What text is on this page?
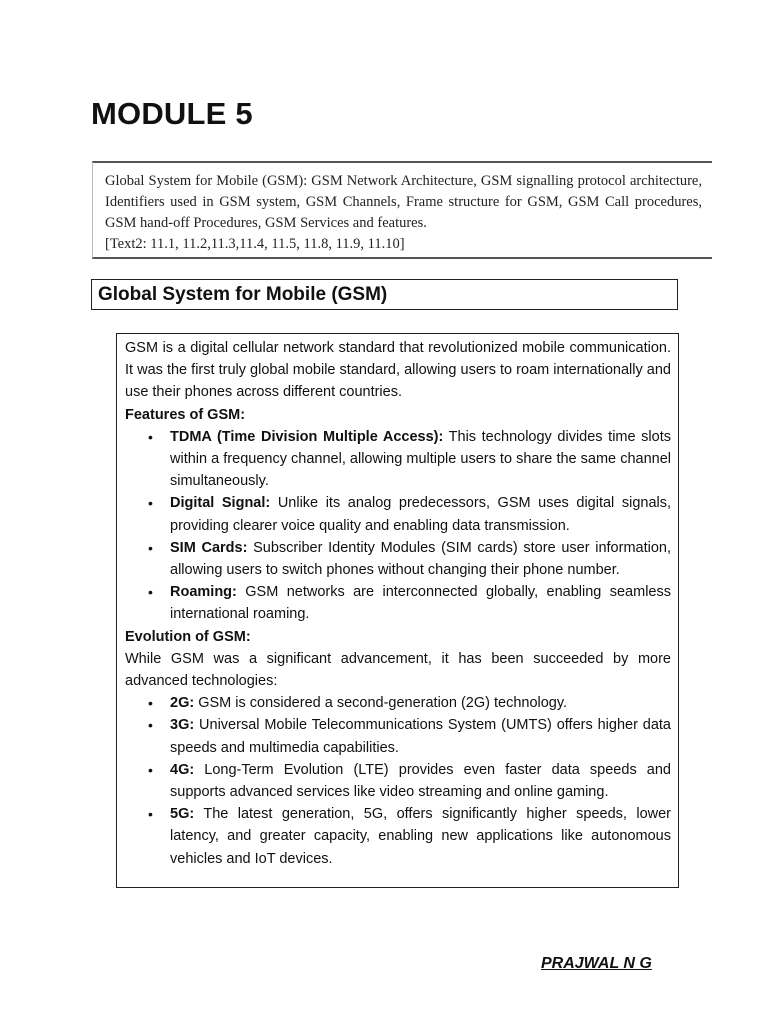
MODULE 5

Global System for Mobile (GSM): GSM Network Architecture, GSM signalling protocol architecture, Identifiers used in GSM system, GSM Channels, Frame structure for GSM, GSM Call procedures, GSM hand-off Procedures, GSM Services and features.

[Text2: 11.1, 11.2,11.3,11.4, 11.5, 11.8, 11.9, 11.10]

Global System for Mobile (GSM)

GSM is a digital cellular network standard that revolutionized mobile communication. It was the first truly global mobile standard, allowing users to roam internationally and use their phones across different countries.

Features of GSM:
• TDMA (Time Division Multiple Access): This technology divides time slots within a frequency channel, allowing multiple users to share the same channel simultaneously.
• Digital Signal: Unlike its analog predecessors, GSM uses digital signals, providing clearer voice quality and enabling data transmission.
• SIM Cards: Subscriber Identity Modules (SIM cards) store user information, allowing users to switch phones without changing their phone number.
• Roaming: GSM networks are interconnected globally, enabling seamless international roaming.
Evolution of GSM:

While GSM was a significant advancement, it has been succeeded by more advanced technologies:

• 2G: GSM is considered a second-generation (2G) technology.
• 3G: Universal Mobile Telecommunications System (UMTS) offers higher data speeds and multimedia capabilities.
• 4G: Long-Term Evolution (LTE) provides even faster data speeds and supports advanced services like video streaming and online gaming.
• 5G: The latest generation, 5G, offers significantly higher speeds, lower latency, and greater capacity, enabling new applications like autonomous vehicles and IoT devices.
PRAJWAL N G
